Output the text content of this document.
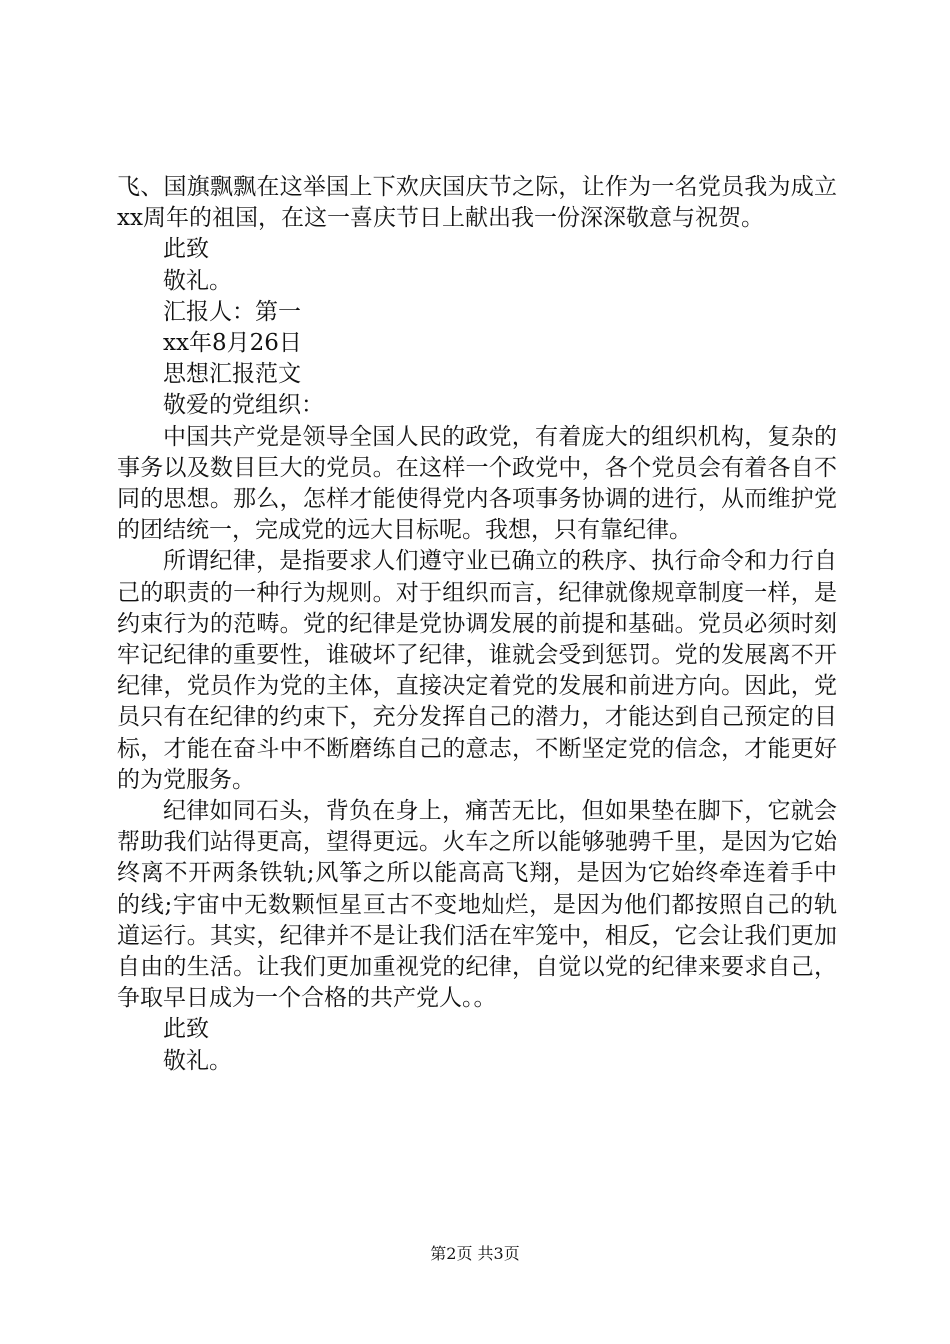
飞、国旗飘飘在这举国上下欢庆国庆节之际，让作为一名党员我为成立xx周年的祖国，在这一喜庆节日上献出我一份深深敬意与祝贺。

此致

敬礼。

汇报人：第一

xx年8月26日

思想汇报范文

敬爱的党组织：

中国共产党是领导全国人民的政党，有着庞大的组织机构，复杂的事务以及数目巨大的党员。在这样一个政党中，各个党员会有着各自不同的思想。那么，怎样才能使得党内各项事务协调的进行，从而维护党的团结统一，完成党的远大目标呢。我想，只有靠纪律。

所谓纪律，是指要求人们遵守业已确立的秩序、执行命令和力行自己的职责的一种行为规则。对于组织而言，纪律就像规章制度一样，是约束行为的范畴。党的纪律是党协调发展的前提和基础。党员必须时刻牢记纪律的重要性，谁破坏了纪律，谁就会受到惩罚。党的发展离不开纪律，党员作为党的主体，直接决定着党的发展和前进方向。因此，党员只有在纪律的约束下，充分发挥自己的潜力，才能达到自己预定的目标，才能在奋斗中不断磨练自己的意志，不断坚定党的信念，才能更好的为党服务。

纪律如同石头，背负在身上，痛苦无比，但如果垫在脚下，它就会帮助我们站得更高，望得更远。火车之所以能够驰骋千里，是因为它始终离不开两条铁轨;风筝之所以能高高飞翔，是因为它始终牵连着手中的线;宇宙中无数颗恒星亘古不变地灿烂，是因为他们都按照自己的轨道运行。其实，纪律并不是让我们活在牢笼中，相反，它会让我们更加自由的生活。让我们更加重视党的纪律，自觉以党的纪律来要求自己，争取早日成为一个合格的共产党人。。

此致

敬礼。

第2页 共3页
